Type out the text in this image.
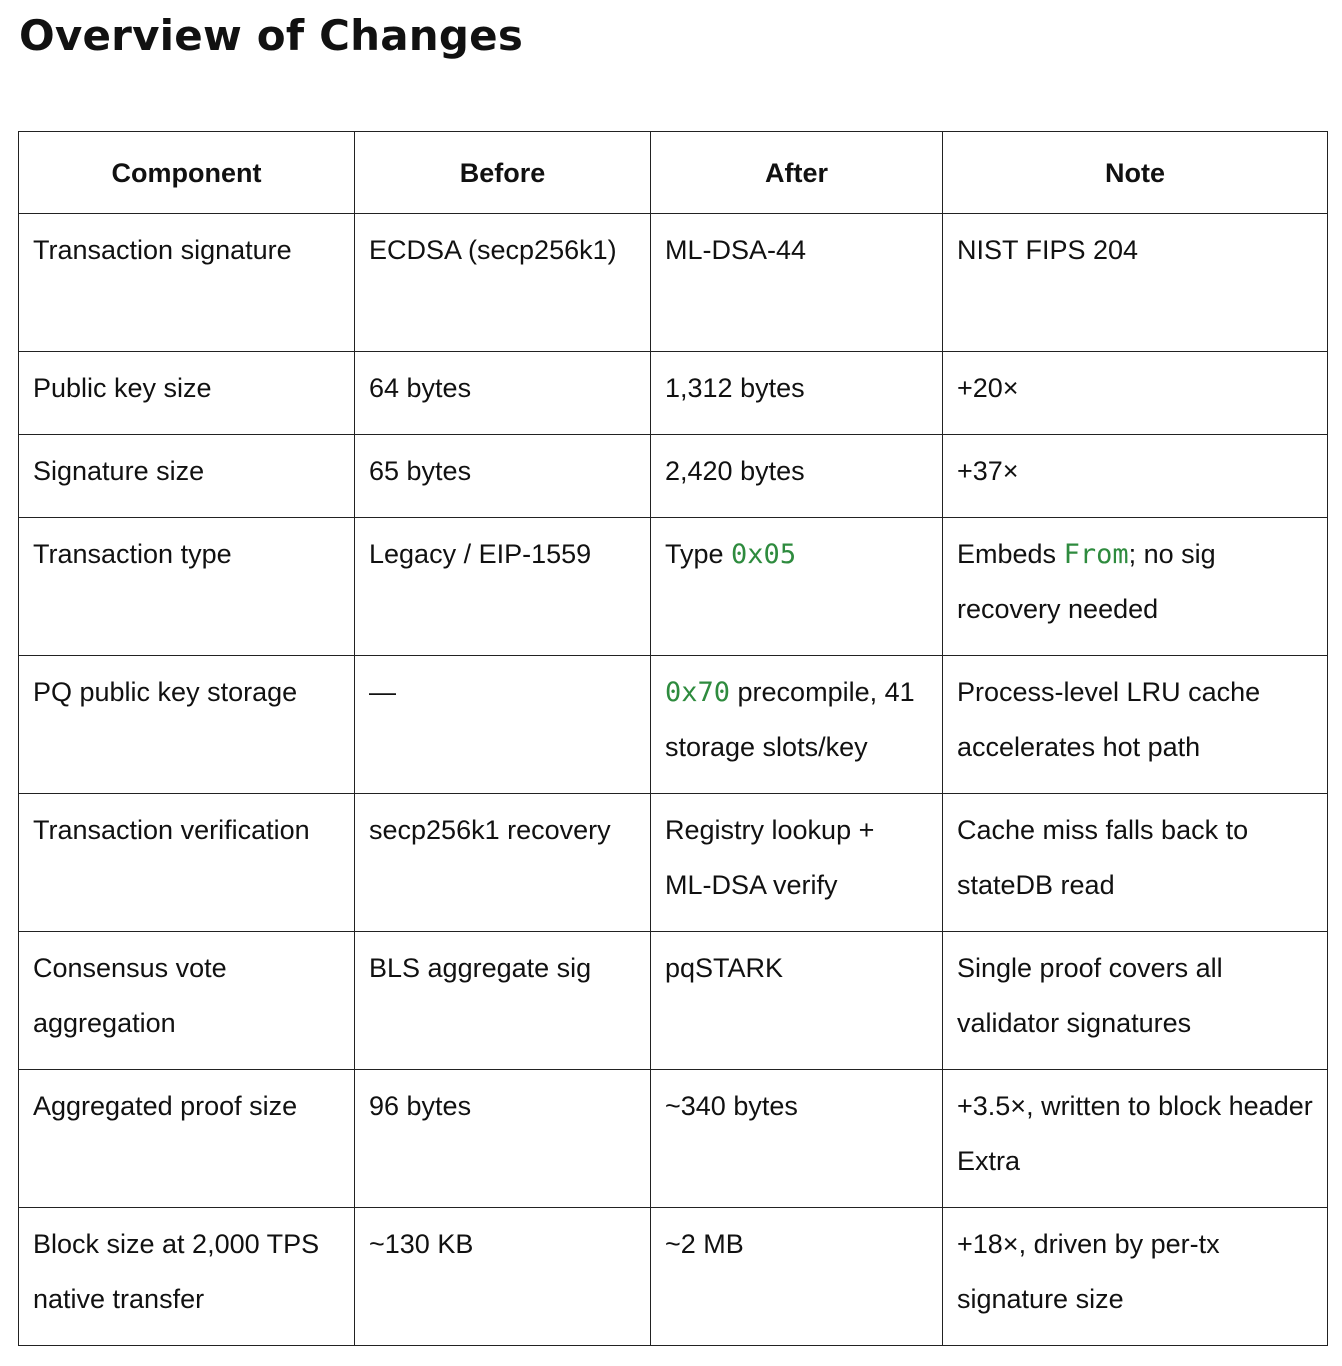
Overview of Changes
Component	Before	After	Note

Transaction signature	ECDSA (secp256k1)	ML-DSA-44	NIST FIPS 204

Public key size	64 bytes	1,312 bytes	+20×

Signature size	65 bytes	2,420 bytes	+37×

Transaction type	Legacy / EIP-1559	Type 0x05	Embeds From; no sig recovery needed

PQ public key storage	—	0x70 precompile, 41 storage slots/key	Process-level LRU cache accelerates hot path

Transaction verification	secp256k1 recovery	Registry lookup + ML-DSA verify	Cache miss falls back to stateDB read

Consensus vote aggregation	BLS aggregate sig	pqSTARK	Single proof covers all validator signatures

Aggregated proof size	96 bytes	~340 bytes	+3.5×, written to block header Extra

Block size at 2,000 TPS native transfer	~130 KB	~2 MB	+18×, driven by per-tx signature size
